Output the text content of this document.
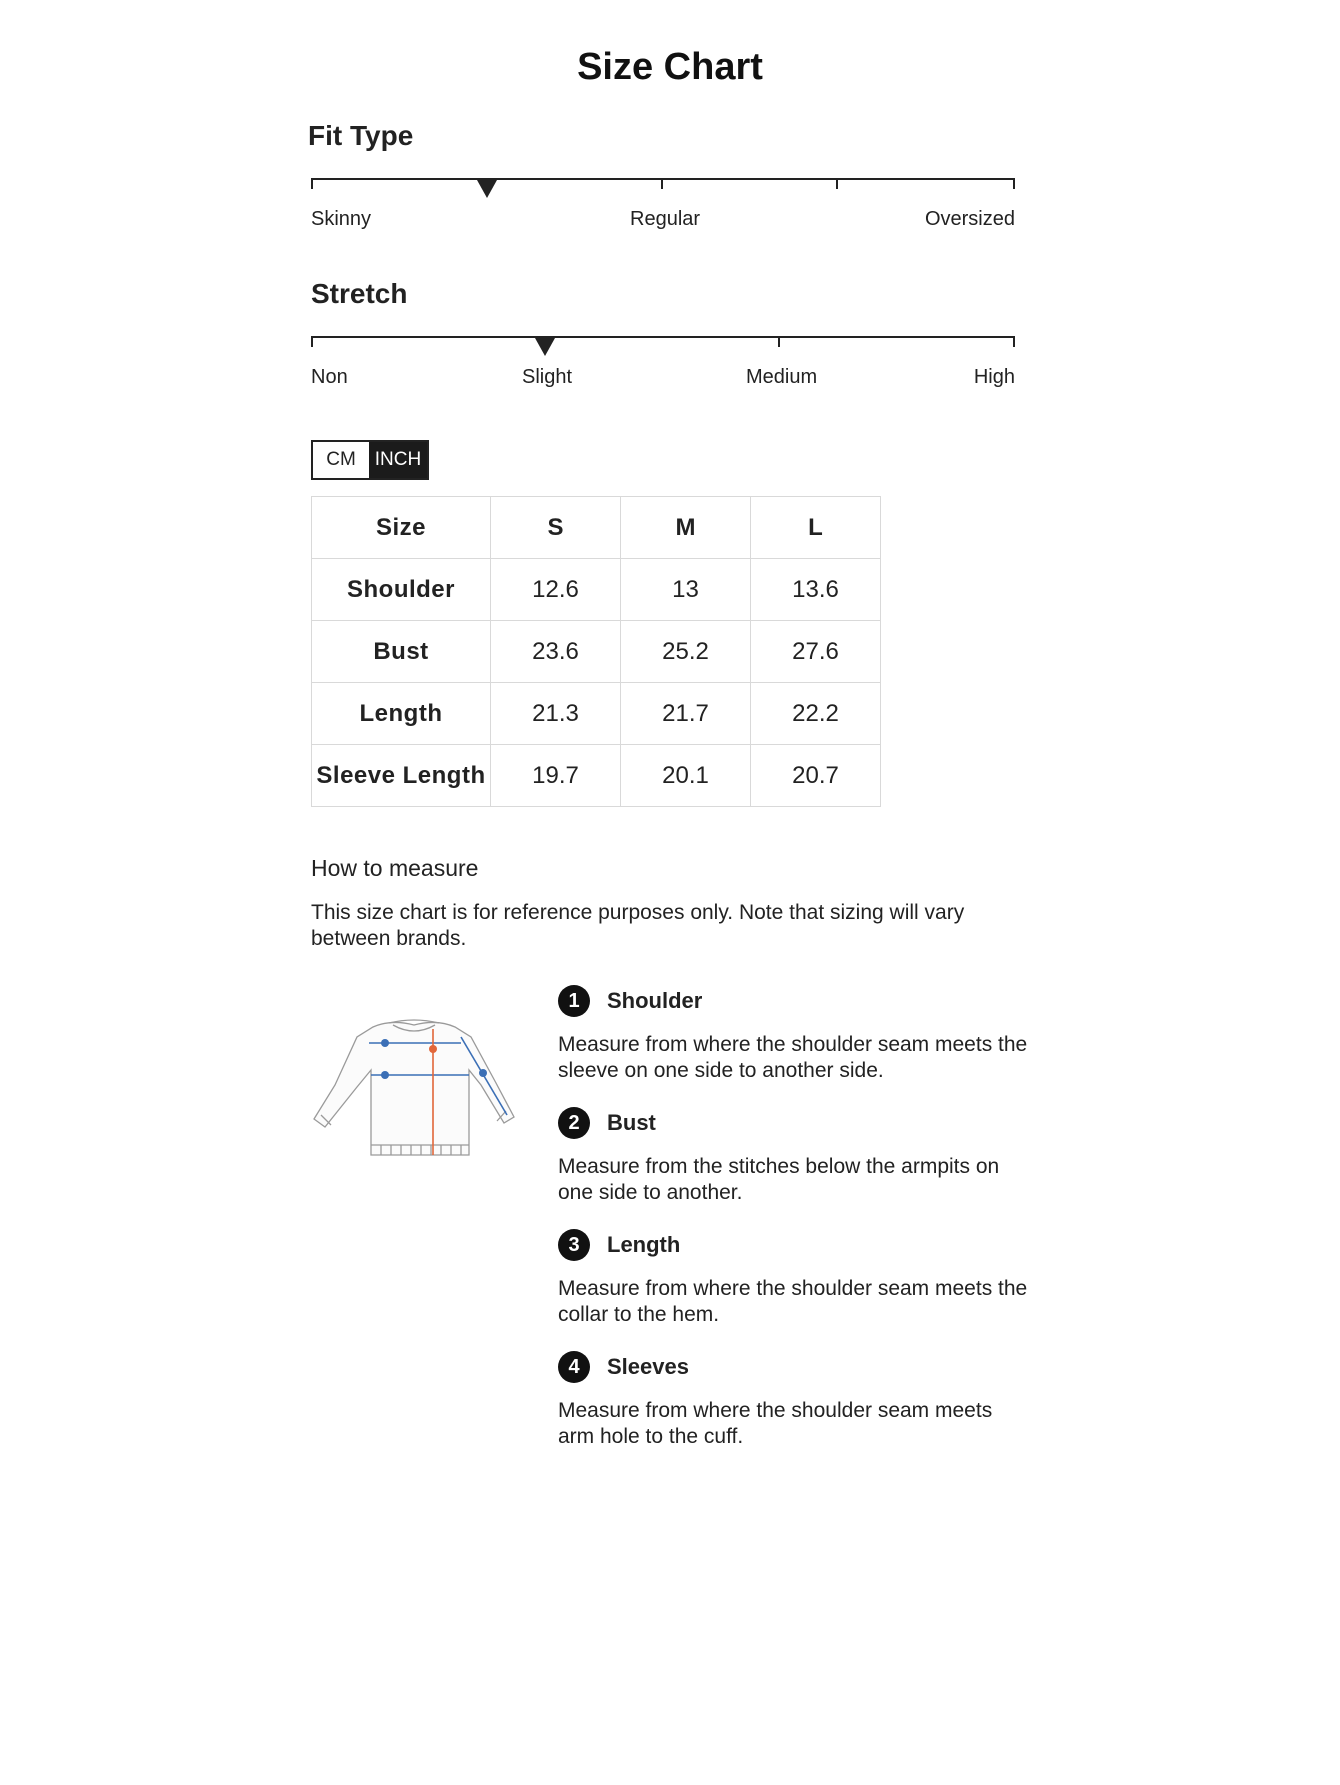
Size Chart
Fit Type
Skinny	Regular	Oversized
Stretch
Non	Slight	Medium	High
CM	INCH
Size	S	M	L
Shoulder	12.6	13	13.6
Bust	23.6	25.2	27.6
Length	21.3	21.7	22.2
Sleeve Length	19.7	20.1	20.7
How to measure
This size chart is for reference purposes only. Note that sizing will vary between brands.
1	Shoulder
Measure from where the shoulder seam meets the sleeve on one side to another side.
2	Bust
Measure from the stitches below the armpits on one side to another.
3	Length
Measure from where the shoulder seam meets the collar to the hem.
4	Sleeves
Measure from where the shoulder seam meets arm hole to the cuff.
